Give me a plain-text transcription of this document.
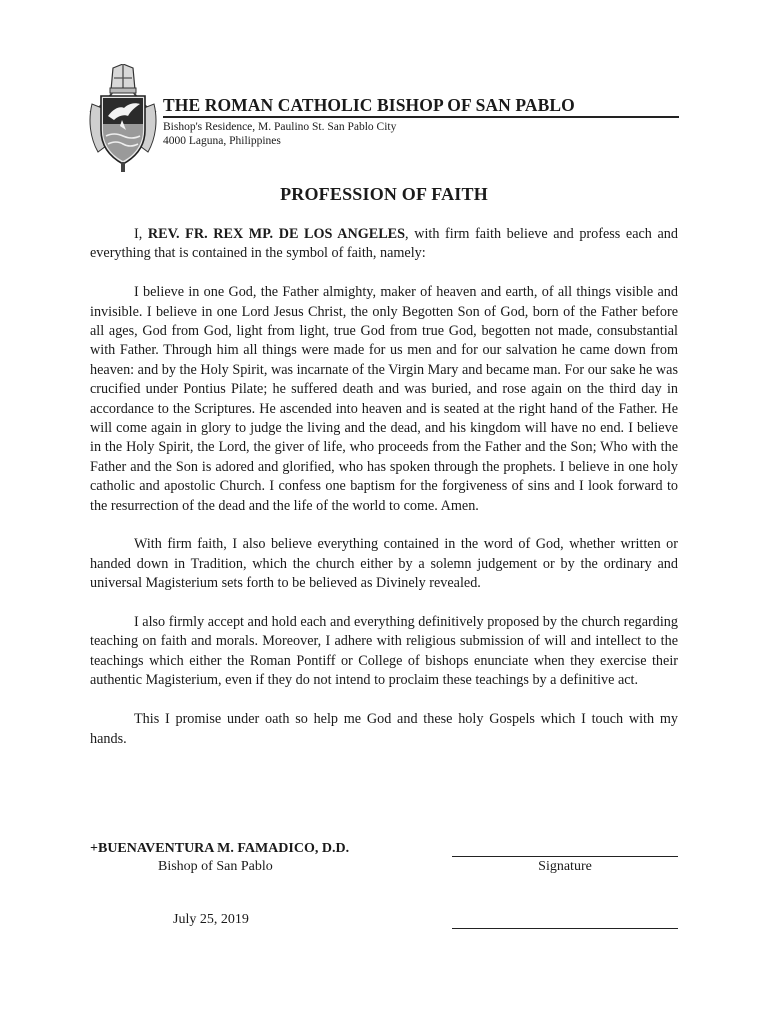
THE ROMAN CATHOLIC BISHOP OF SAN PABLO
Bishop's Residence, M. Paulino St. San Pablo City
4000 Laguna, Philippines
PROFESSION OF FAITH

I, REV. FR. REX MP. DE LOS ANGELES, with firm faith believe and profess each and everything that is contained in the symbol of faith, namely:

I believe in one God, the Father almighty, maker of heaven and earth, of all things visible and invisible. I believe in one Lord Jesus Christ, the only Begotten Son of God, born of the Father before all ages, God from God, light from light, true God from true God, begotten not made, consubstantial with Father. Through him all things were made for us men and for our salvation he came down from heaven: and by the Holy Spirit, was incarnate of the Virgin Mary and became man. For our sake he was crucified under Pontius Pilate; he suffered death and was buried, and rose again on the third day in accordance to the Scriptures. He ascended into heaven and is seated at the right hand of the Father. He will come again in glory to judge the living and the dead, and his kingdom will have no end. I believe in the Holy Spirit, the Lord, the giver of life, who proceeds from the Father and the Son; Who with the Father and the Son is adored and glorified, who has spoken through the prophets. I believe in one holy catholic and apostolic Church. I confess one baptism for the forgiveness of sins and I look forward to the resurrection of the dead and the life of the world to come. Amen.

With firm faith, I also believe everything contained in the word of God, whether written or handed down in Tradition, which the church either by a solemn judgement or by the ordinary and universal Magisterium sets forth to be believed as Divinely revealed.

I also firmly accept and hold each and everything definitively proposed by the church regarding teaching on faith and morals. Moreover, I adhere with religious submission of will and intellect to the teachings which either the Roman Pontiff or College of bishops enunciate when they exercise their authentic Magisterium, even if they do not intend to proclaim these teachings by a definitive act.

This I promise under oath so help me God and these holy Gospels which I touch with my hands.

+BUENAVENTURA M. FAMADICO, D.D.
Bishop of San Pablo
July 25, 2019
Signature
